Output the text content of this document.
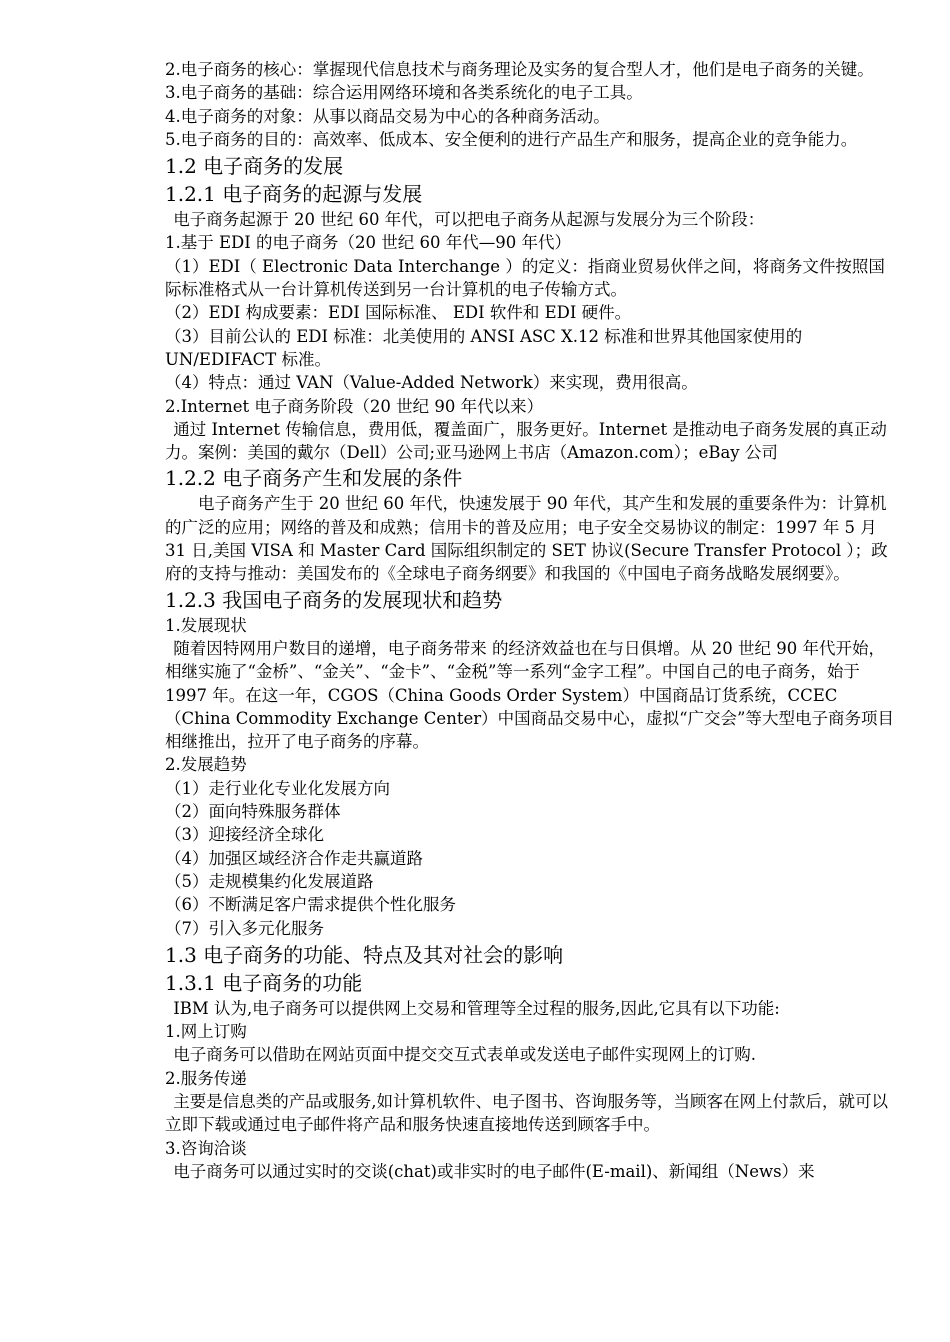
2.电子商务的核心：掌握现代信息技术与商务理论及实务的复合型人才，他们是电子商务的关键。

3.电子商务的基础：综合运用网络环境和各类系统化的电子工具。

4.电子商务的对象：从事以商品交易为中心的各种商务活动。

5.电子商务的目的：高效率、低成本、安全便利的进行产品生产和服务，提高企业的竞争能力。

1.2 电子商务的发展

1.2.1 电子商务的起源与发展

电子商务起源于 20 世纪 60 年代，可以把电子商务从起源与发展分为三个阶段：

1.基于 EDI 的电子商务（20 世纪 60 年代—90 年代）

（1）EDI（ Electronic Data Interchange ）的定义：指商业贸易伙伴之间，将商务文件按照国际标准格式从一台计算机传送到另一台计算机的电子传输方式。

（2）EDI 构成要素：EDI 国际标准、 EDI 软件和 EDI 硬件。

（3）目前公认的 EDI 标准：北美使用的 ANSI ASC X.12 标准和世界其他国家使用的 UN/EDIFACT 标准。

（4）特点：通过 VAN（Value-Added Network）来实现，费用很高。

2.Internet 电子商务阶段（20 世纪 90 年代以来）

通过 Internet 传输信息，费用低，覆盖面广，服务更好。Internet 是推动电子商务发展的真正动力。案例：美国的戴尔（Dell）公司;亚马逊网上书店（Amazon.com）；eBay 公司

1.2.2 电子商务产生和发展的条件

电子商务产生于 20 世纪 60 年代，快速发展于 90 年代，其产生和发展的重要条件为：计算机的广泛的应用；网络的普及和成熟；信用卡的普及应用；电子安全交易协议的制定：1997 年 5 月 31 日,美国 VISA 和 Master Card 国际组织制定的 SET 协议(Secure Transfer Protocol ）；政府的支持与推动：美国发布的《全球电子商务纲要》和我国的《中国电子商务战略发展纲要》。

1.2.3 我国电子商务的发展现状和趋势

1.发展现状

随着因特网用户数目的递增，电子商务带来 的经济效益也在与日俱增。从 20 世纪 90 年代开始，相继实施了“金桥”、“金关”、“金卡”、“金税”等一系列“金字工程”。中国自己的电子商务，始于 1997 年。在这一年，CGOS（China Goods Order System）中国商品订货系统，CCEC（China Commodity Exchange Center）中国商品交易中心，虚拟“广交会”等大型电子商务项目相继推出，拉开了电子商务的序幕。

2.发展趋势

（1）走行业化专业化发展方向

（2）面向特殊服务群体

（3）迎接经济全球化

（4）加强区域经济合作走共赢道路

（5）走规模集约化发展道路

（6）不断满足客户需求提供个性化服务

（7）引入多元化服务

1.3 电子商务的功能、特点及其对社会的影响

1.3.1 电子商务的功能

IBM 认为,电子商务可以提供网上交易和管理等全过程的服务,因此,它具有以下功能:

1.网上订购

电子商务可以借助在网站页面中提交交互式表单或发送电子邮件实现网上的订购.

2.服务传递

主要是信息类的产品或服务,如计算机软件、电子图书、咨询服务等，当顾客在网上付款后，就可以立即下载或通过电子邮件将产品和服务快速直接地传送到顾客手中。

3.咨询洽谈

电子商务可以通过实时的交谈(chat)或非实时的电子邮件(E-mail)、新闻组（News）来
